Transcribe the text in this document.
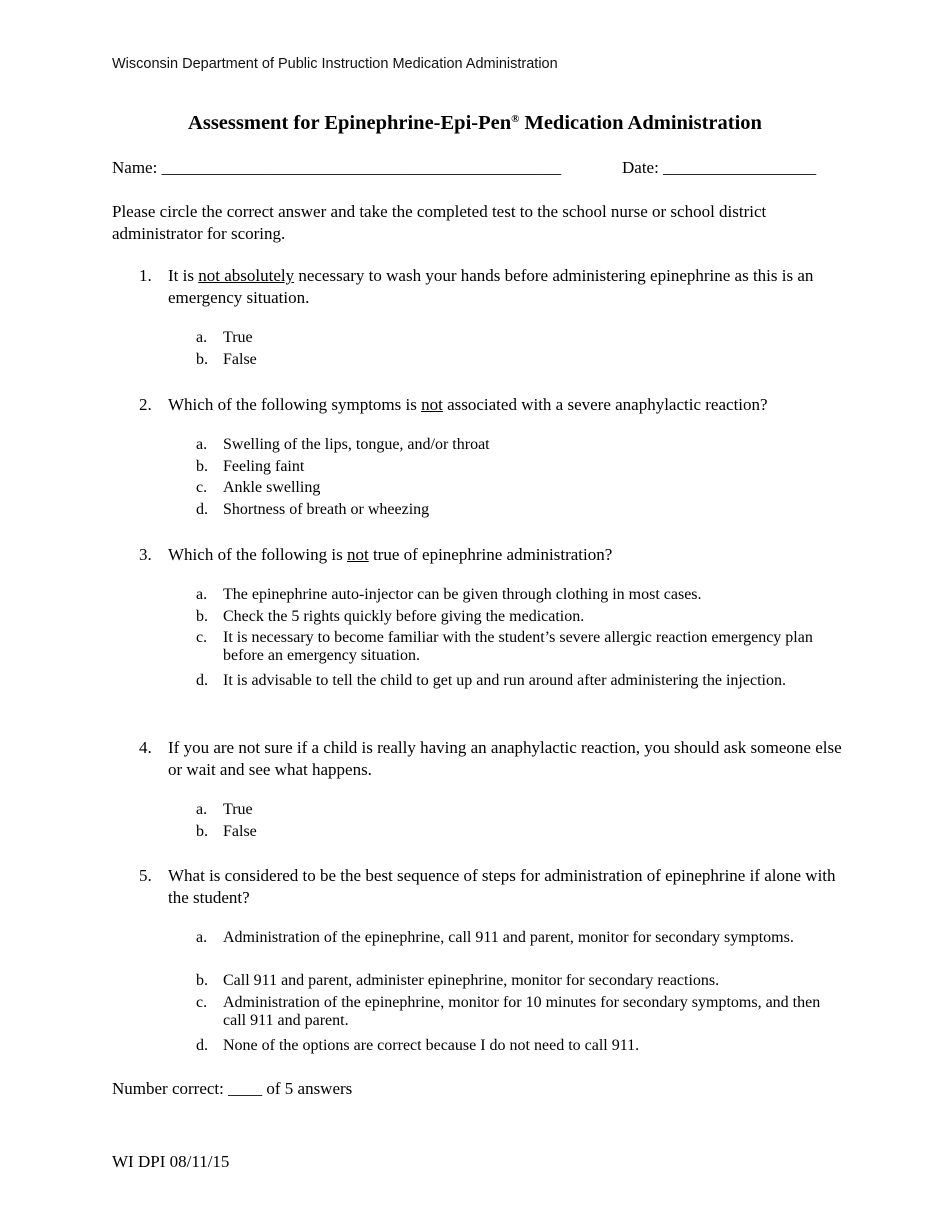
Wisconsin Department of Public Instruction Medication Administration
Assessment for Epinephrine-Epi-Pen® Medication Administration
Name: _______________________________________________	Date: __________________
Please circle the correct answer and take the completed test to the school nurse or school district administrator for scoring.
1. It is not absolutely necessary to wash your hands before administering epinephrine as this is an emergency situation.
a. True
b. False
2. Which of the following symptoms is not associated with a severe anaphylactic reaction?
a. Swelling of the lips, tongue, and/or throat
b. Feeling faint
c. Ankle swelling
d. Shortness of breath or wheezing
3. Which of the following is not true of epinephrine administration?
a. The epinephrine auto-injector can be given through clothing in most cases.
b. Check the 5 rights quickly before giving the medication.
c. It is necessary to become familiar with the student’s severe allergic reaction emergency plan before an emergency situation.
d. It is advisable to tell the child to get up and run around after administering the injection.
4. If you are not sure if a child is really having an anaphylactic reaction, you should ask someone else or wait and see what happens.
a. True
b. False
5. What is considered to be the best sequence of steps for administration of epinephrine if alone with the student?
a. Administration of the epinephrine, call 911 and parent, monitor for secondary symptoms.
b. Call 911 and parent, administer epinephrine, monitor for secondary reactions.
c. Administration of the epinephrine, monitor for 10 minutes for secondary symptoms, and then call 911 and parent.
d. None of the options are correct because I do not need to call 911.
Number correct: ____ of 5 answers
WI DPI 08/11/15
